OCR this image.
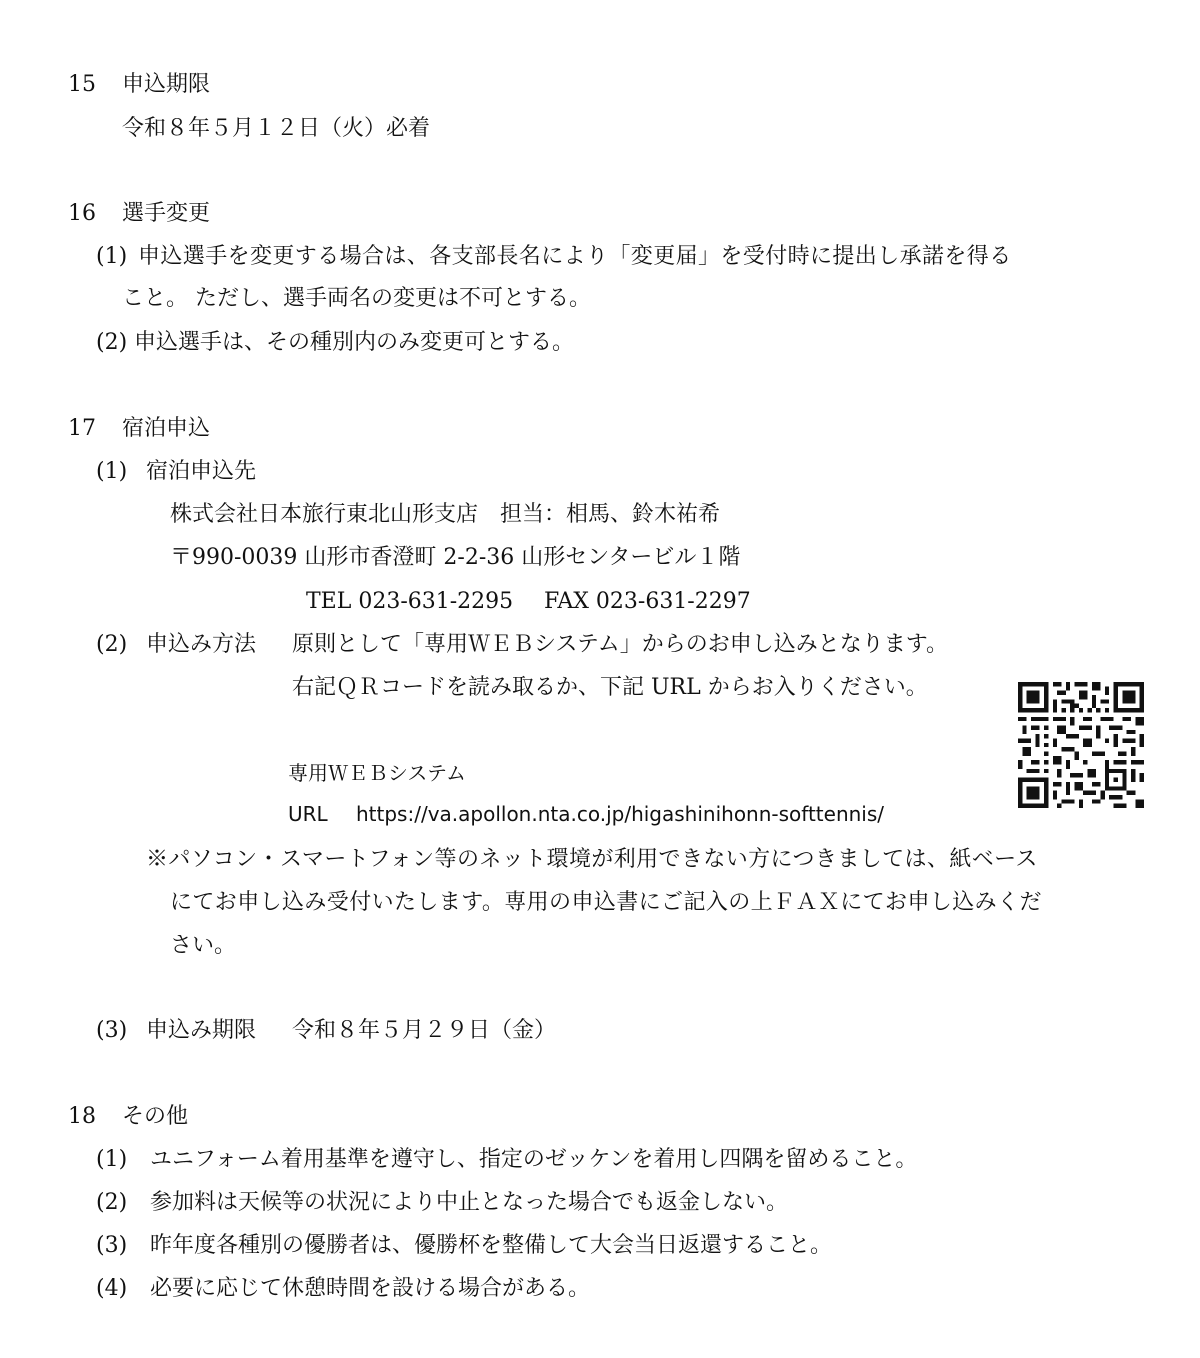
15 申込期限
令和８年５月１２日（火）必着
16 選手変更
(1) 申込選手を変更する場合は、各支部長名により「変更届」を受付時に提出し承諾を得る
こと。 ただし、選手両名の変更は不可とする。
(2) 申込選手は、その種別内のみ変更可とする。
17 宿泊申込
(1) 宿泊申込先
株式会社日本旅行東北山形支店　担当：相馬、鈴木祐希
〒990-0039 山形市香澄町 2-2-36 山形センタービル１階
TEL 023-631-2295 FAX 023-631-2297
(2) 申込み方法 原則として「専用ＷＥＢシステム」からのお申し込みとなります。
右記ＱＲコードを読み取るか、下記 URL からお入りください。
専用ＷＥＢシステム
URL https://va.apollon.nta.co.jp/higashinihonn-softtennis/
※パソコン・スマートフォン等のネット環境が利用できない方につきましては、紙ベース
にてお申し込み受付いたします。専用の申込書にご記入の上ＦＡＸにてお申し込みくだ
さい。
(3) 申込み期限 令和８年５月２９日（金）
18 その他
(1) ユニフォーム着用基準を遵守し、指定のゼッケンを着用し四隅を留めること。
(2) 参加料は天候等の状況により中止となった場合でも返金しない。
(3) 昨年度各種別の優勝者は、優勝杯を整備して大会当日返還すること。
(4) 必要に応じて休憩時間を設ける場合がある。
